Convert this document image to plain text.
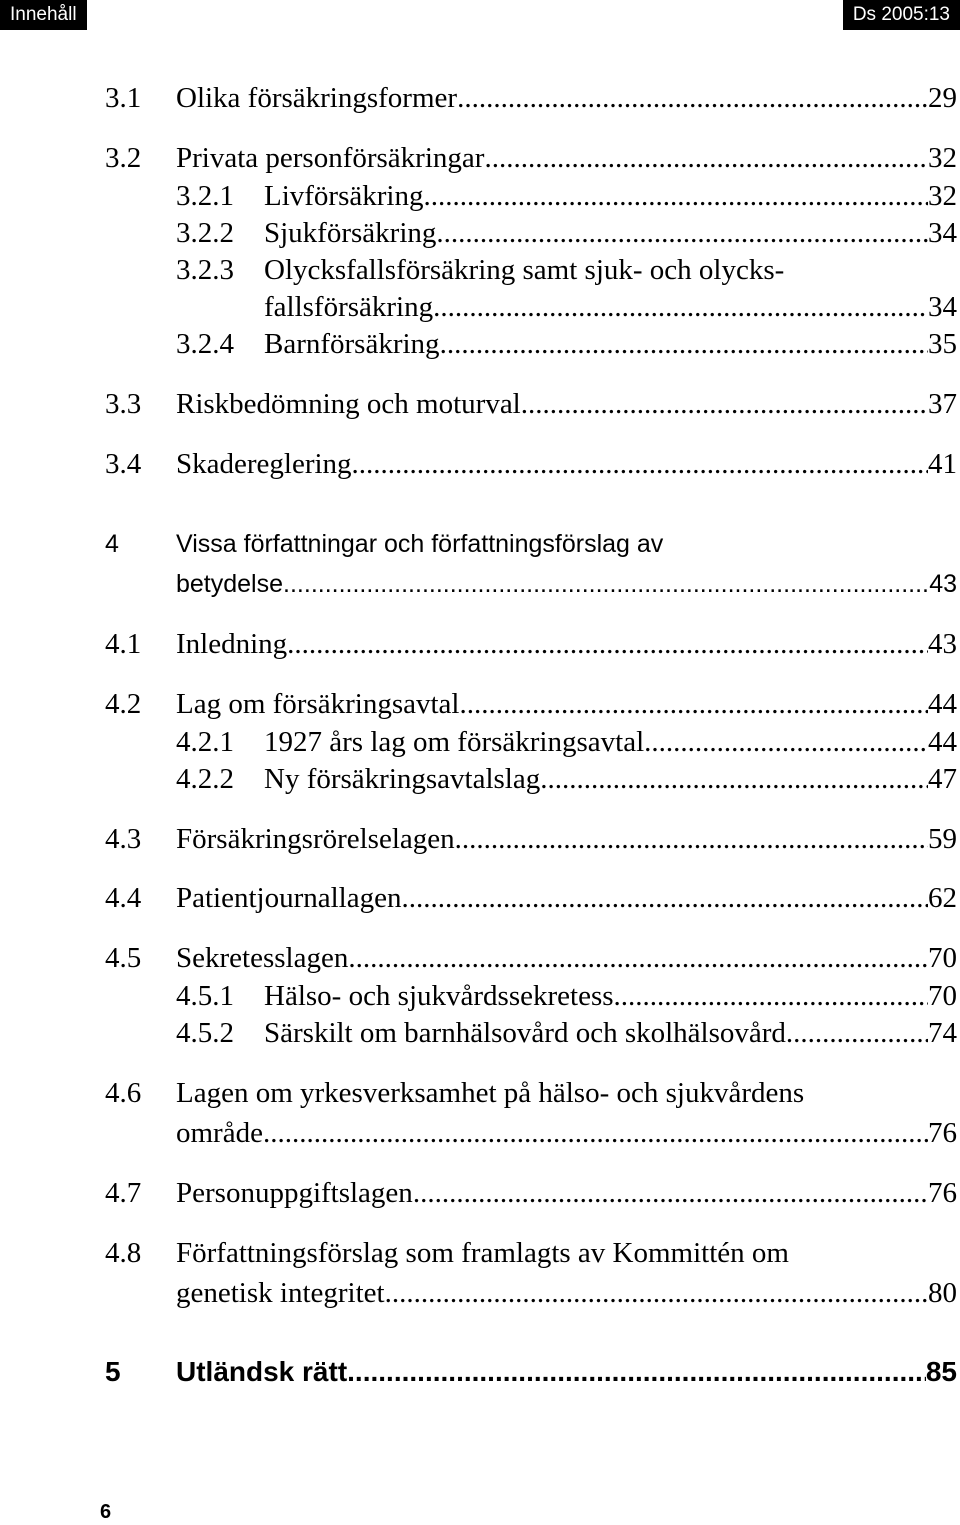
Innehåll	Ds 2005:13
3.1 Olika försäkringsformer .....	29
3.2 Privata personförsäkringar .....	32
3.2.1 Livförsäkring .....	32
3.2.2 Sjukförsäkring .....	34
3.2.3 Olycksfallsförsäkring samt sjuk- och olycks-
fallsförsäkring .....	34
3.2.4 Barnförsäkring .....	35
3.3 Riskbedömning och moturval .....	37
3.4 Skadereglering .....	41
4 Vissa författningar och författningsförslag av
betydelse .....	43
4.1 Inledning .....	43
4.2 Lag om försäkringsavtal .....	44
4.2.1 1927 års lag om försäkringsavtal .....	44
4.2.2 Ny försäkringsavtalslag .....	47
4.3 Försäkringsrörelselagen .....	59
4.4 Patientjournallagen .....	62
4.5 Sekretesslagen .....	70
4.5.1 Hälso- och sjukvårdssekretess .....	70
4.5.2 Särskilt om barnhälsovård och skolhälsovård .....	74
4.6 Lagen om yrkesverksamhet på hälso- och sjukvårdens
område .....	76
4.7 Personuppgiftslagen .....	76
4.8 Författningsförslag som framlagts av Kommittén om
genetisk integritet .....	80
5 Utländsk rätt .....	85
6
